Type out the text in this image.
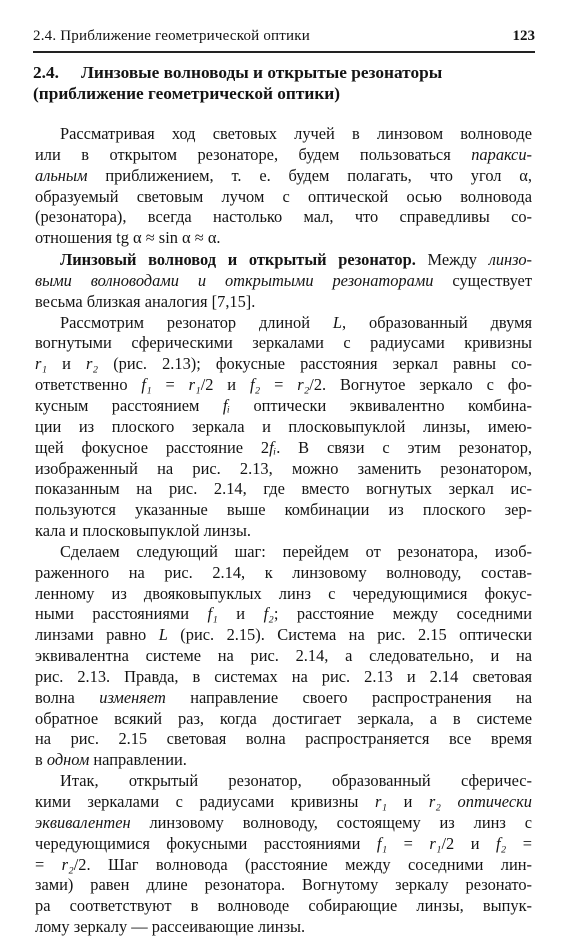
2.4. Приближение геометрической оптики	123
2.4. Линзовые волноводы и открытые резонаторы
(приближение геометрической оптики)
Рассматривая ход световых лучей в линзовом волноводе
или в открытом резонаторе, будем пользоваться паракси-
альным приближением, т. е. будем полагать, что угол α,
образуемый световым лучом с оптической осью волновода
(резонатора), всегда настолько мал, что справедливы со-
отношения tg α ≈ sin α ≈ α.
Линзовый волновод и открытый резонатор. Между линзо-
выми волноводами и открытыми резонаторами существует
весьма близкая аналогия [7,15].
Рассмотрим резонатор длиной L, образованный двумя
вогнутыми сферическими зеркалами с радиусами кривизны
r₁ и r₂ (рис. 2.13); фокусные расстояния зеркал равны со-
ответственно f₁ = r₁/2 и f₂ = r₂/2. Вогнутое зеркало с фо-
кусным расстоянием fᵢ оптически эквивалентно комбина-
ции из плоского зеркала и плосковыпуклой линзы, имею-
щей фокусное расстояние 2fᵢ. В связи с этим резонатор,
изображенный на рис. 2.13, можно заменить резонатором,
показанным на рис. 2.14, где вместо вогнутых зеркал ис-
пользуются указанные выше комбинации из плоского зер-
кала и плосковыпуклой линзы.
Сделаем следующий шаг: перейдем от резонатора, изоб-
раженного на рис. 2.14, к линзовому волноводу, состав-
ленному из двояковыпуклых линз с чередующимися фокус-
ными расстояниями f₁ и f₂; расстояние между соседними
линзами равно L (рис. 2.15). Система на рис. 2.15 оптически
эквивалентна системе на рис. 2.14, а следовательно, и на
рис. 2.13. Правда, в системах на рис. 2.13 и 2.14 световая
волна изменяет направление своего распространения на
обратное всякий раз, когда достигает зеркала, а в системе
на рис. 2.15 световая волна распространяется все время
в одном направлении.
Итак, открытый резонатор, образованный сферичес-
кими зеркалами с радиусами кривизны r₁ и r₂ оптически
эквивалентен линзовому волноводу, состоящему из линз с
чередующимися фокусными расстояниями f₁ = r₁/2 и f₂ =
= r₂/2. Шаг волновода (расстояние между соседними лин-
зами) равен длине резонатора. Вогнутому зеркалу резонато-
ра соответствуют в волноводе собирающие линзы, выпук-
лому зеркалу — рассеивающие линзы.
